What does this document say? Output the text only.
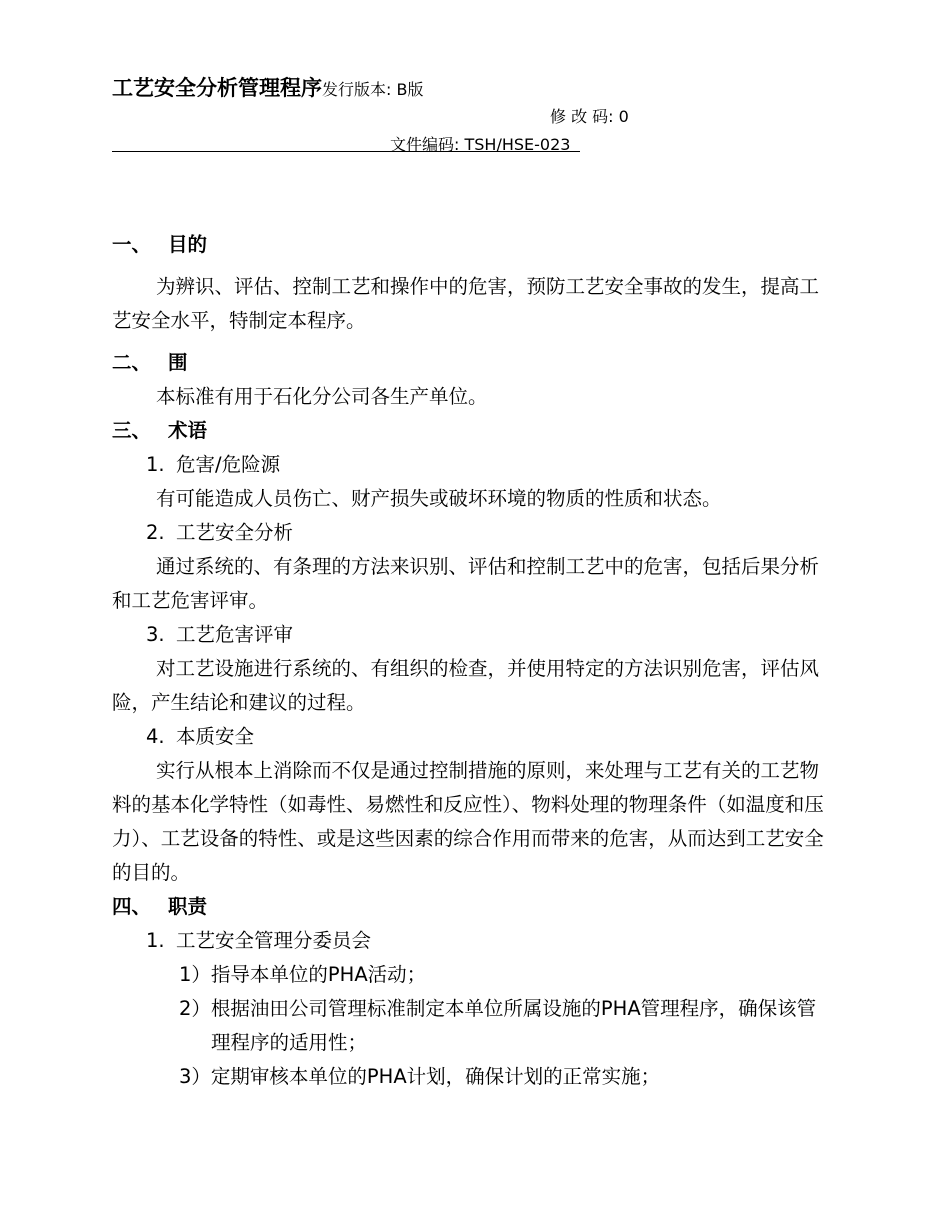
工艺安全分析管理程序发行版本: B版
修 改 码: 0
文件编码: TSH/HSE-023

一、 目的

为辨识、评估、控制工艺和操作中的危害，预防工艺安全事故的发生，提高工艺安全水平，特制定本程序。

二、 围

本标准有用于石化分公司各生产单位。

三、 术语

1. 危害/危险源

有可能造成人员伤亡、财产损失或破坏环境的物质的性质和状态。

2. 工艺安全分析

通过系统的、有条理的方法来识别、评估和控制工艺中的危害，包括后果分析和工艺危害评审。

3. 工艺危害评审

对工艺设施进行系统的、有组织的检查，并使用特定的方法识别危害，评估风险，产生结论和建议的过程。

4. 本质安全

实行从根本上消除而不仅是通过控制措施的原则，来处理与工艺有关的工艺物料的基本化学特性（如毒性、易燃性和反应性）、物料处理的物理条件（如温度和压力）、工艺设备的特性、或是这些因素的综合作用而带来的危害，从而达到工艺安全的目的。

四、 职责

1. 工艺安全管理分委员会

1）指导本单位的PHA活动；

2）根据油田公司管理标准制定本单位所属设施的PHA管理程序，确保该管理程序的适用性；

3）定期审核本单位的PHA计划，确保计划的正常实施；
